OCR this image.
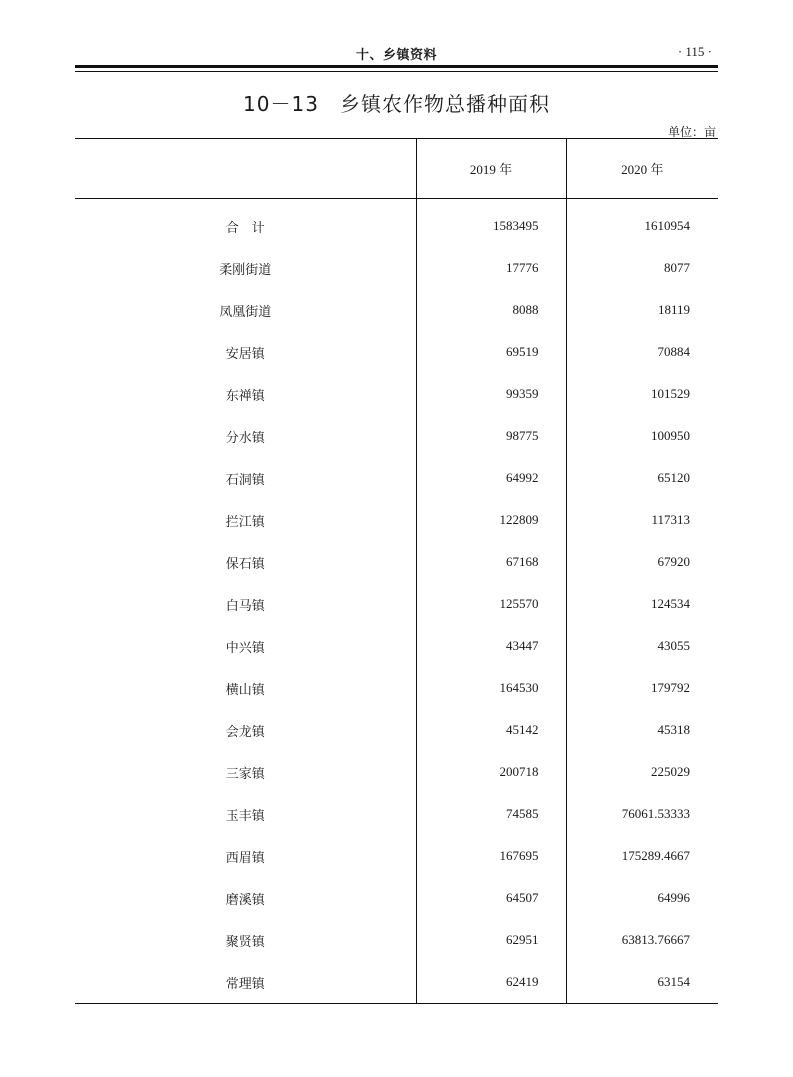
十、乡镇资料	· 115 ·
10－13　乡镇农作物总播种面积
单位：亩
	2019 年	2020 年
合　计	1583495	1610954
柔刚街道	17776	8077
凤凰街道	8088	18119
安居镇	69519	70884
东禅镇	99359	101529
分水镇	98775	100950
石洞镇	64992	65120
拦江镇	122809	117313
保石镇	67168	67920
白马镇	125570	124534
中兴镇	43447	43055
横山镇	164530	179792
会龙镇	45142	45318
三家镇	200718	225029
玉丰镇	74585	76061.53333
西眉镇	167695	175289.4667
磨溪镇	64507	64996
聚贤镇	62951	63813.76667
常理镇	62419	63154
